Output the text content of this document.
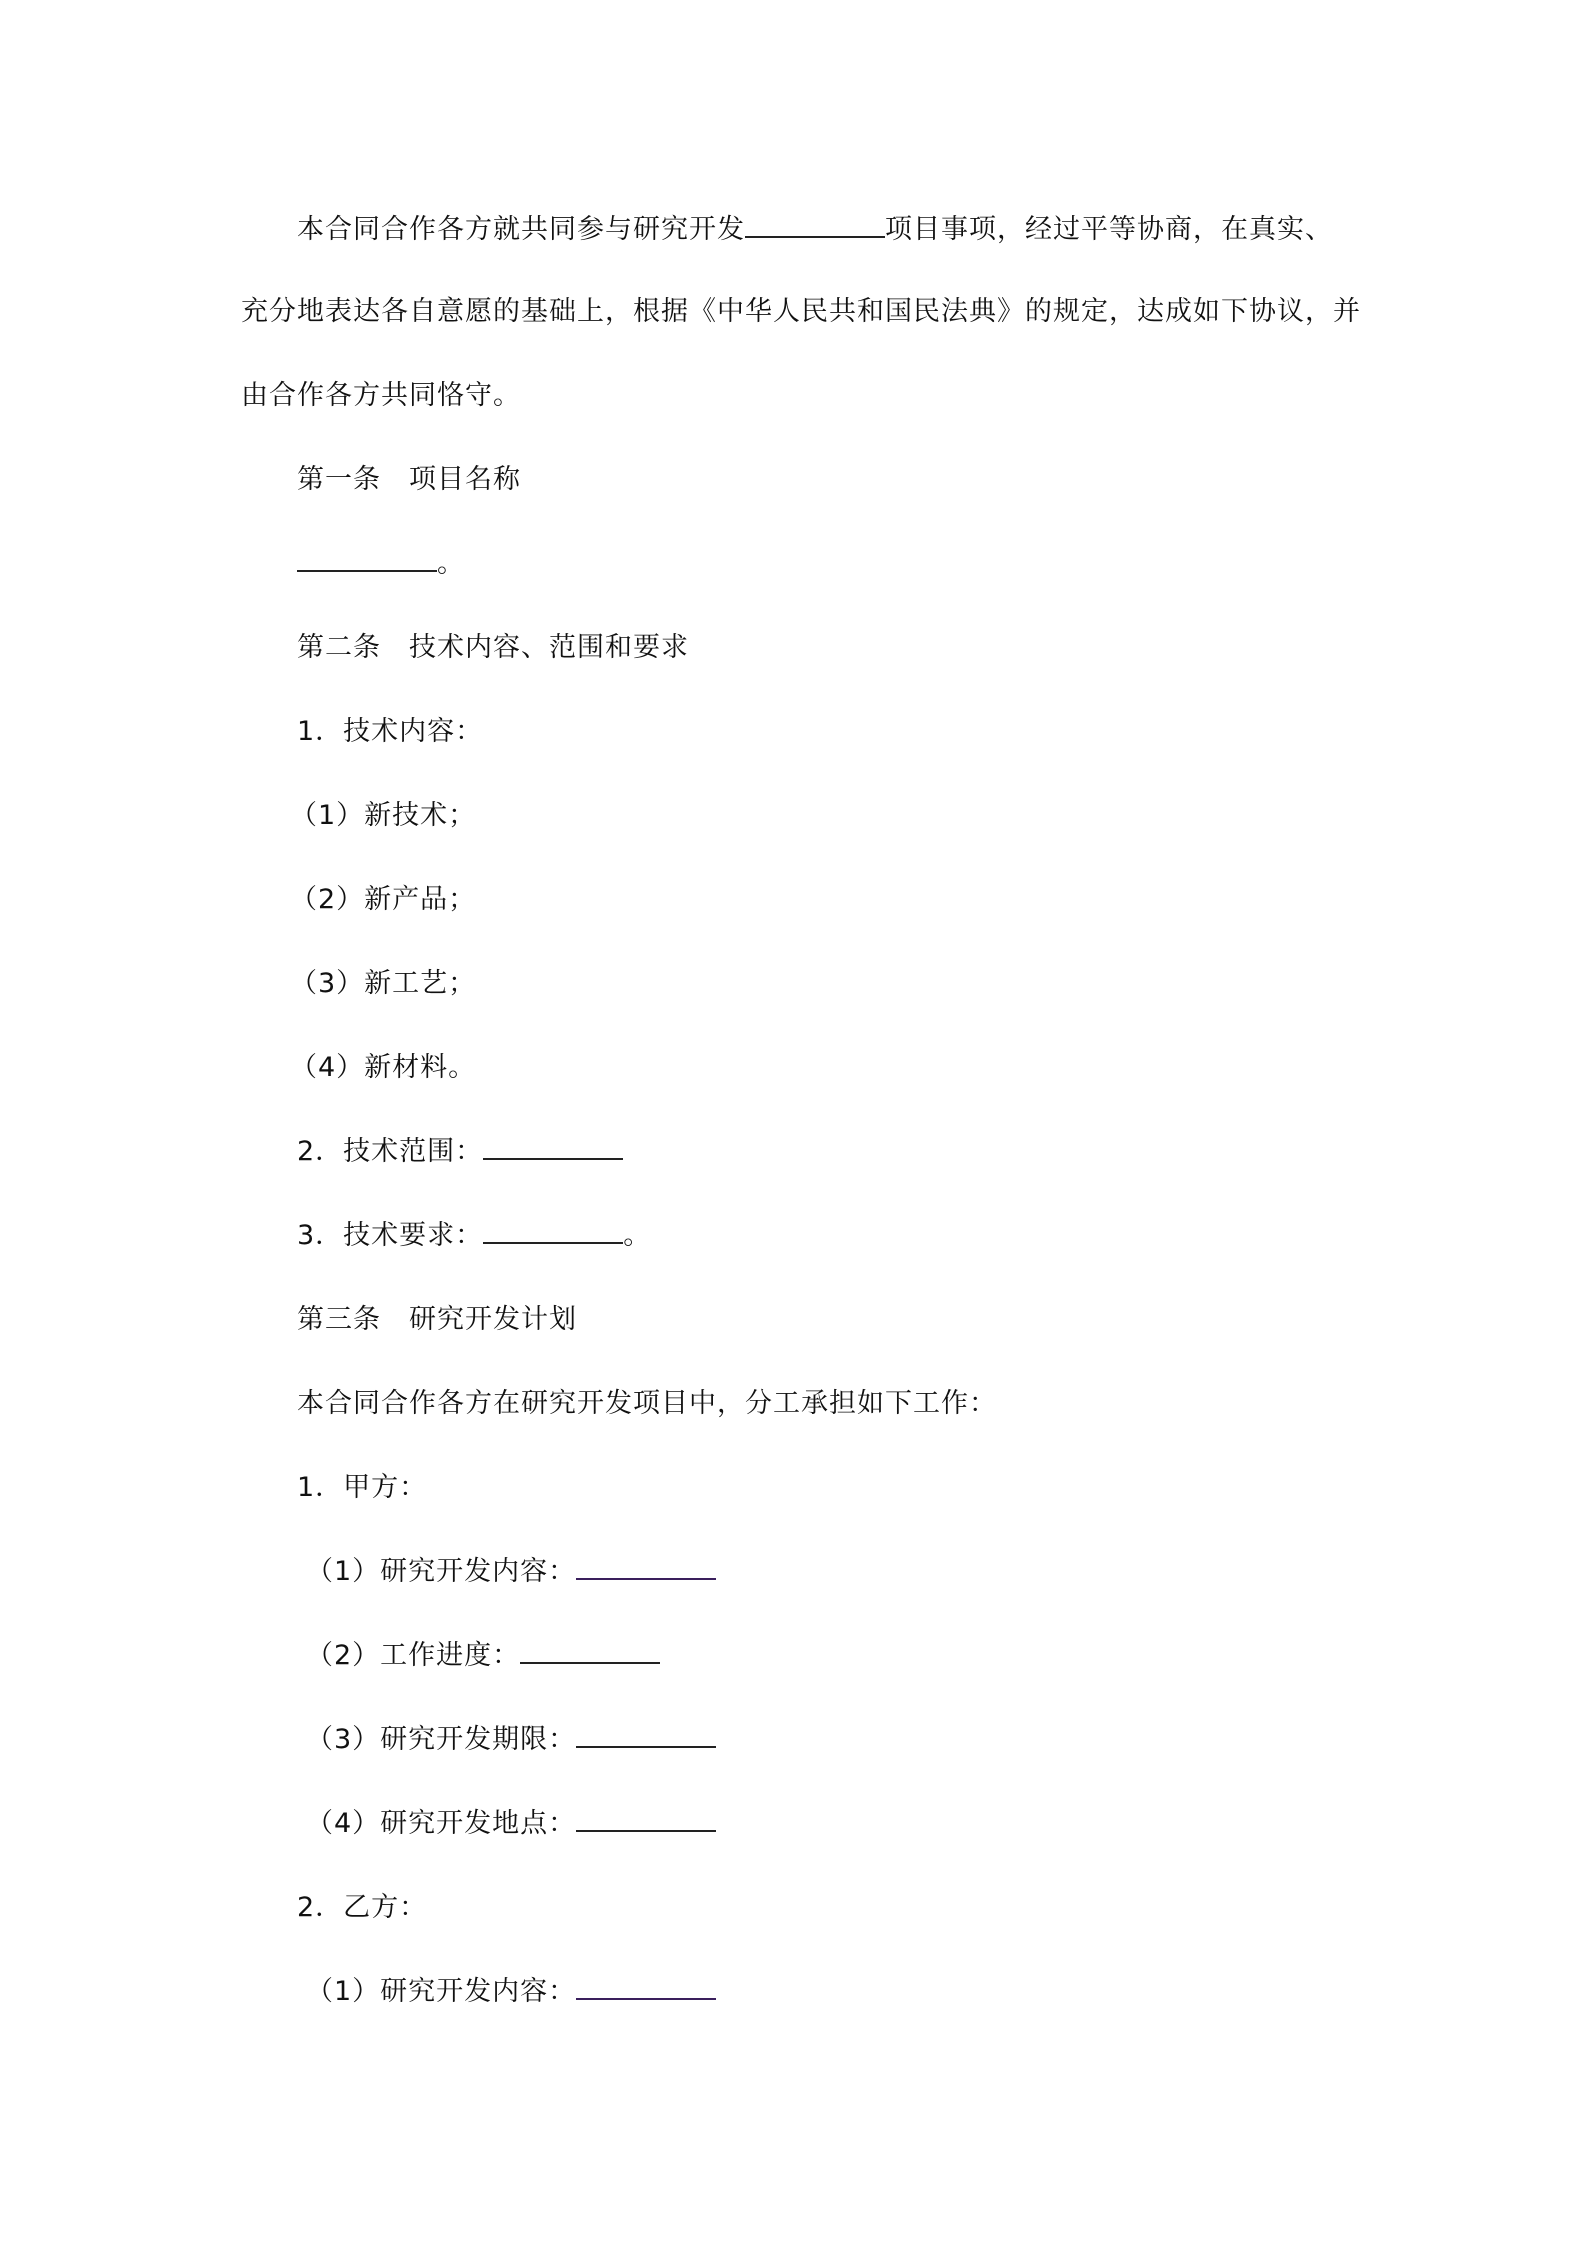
本合同合作各方就共同参与研究开发	项目事项，经过平等协商，在真实、
充分地表达各自意愿的基础上，根据《中华人民共和国民法典》的规定，达成如下协议，并
由合作各方共同恪守。
第一条 项目名称
。
第二条 技术内容、范围和要求
1．技术内容：
（1）新技术；
（2）新产品；
（3）新工艺；
（4）新材料。
2．技术范围：
3．技术要求：	。
第三条 研究开发计划
本合同合作各方在研究开发项目中，分工承担如下工作：
1．甲方：
（1）研究开发内容：
（2）工作进度：
（3）研究开发期限：
（4）研究开发地点：
2．乙方：
（1）研究开发内容：
